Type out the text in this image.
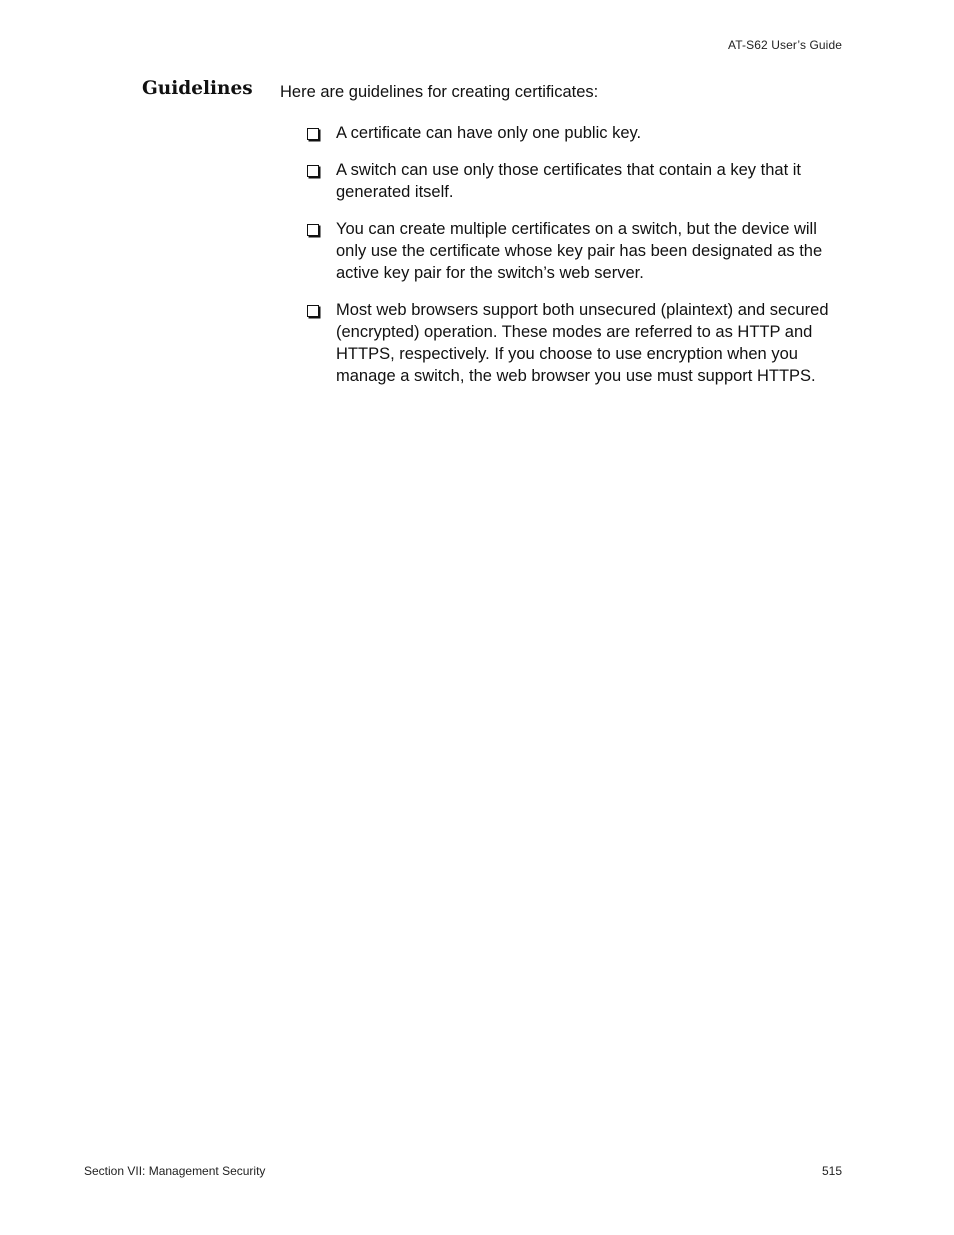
AT-S62 User’s Guide
Guidelines Here are guidelines for creating certificates:
A certificate can have only one public key.
A switch can use only those certificates that contain a key that it generated itself.
You can create multiple certificates on a switch, but the device will only use the certificate whose key pair has been designated as the active key pair for the switch’s web server.
Most web browsers support both unsecured (plaintext) and secured (encrypted) operation. These modes are referred to as HTTP and HTTPS, respectively. If you choose to use encryption when you manage a switch, the web browser you use must support HTTPS.
Section VII: Management Security	515
